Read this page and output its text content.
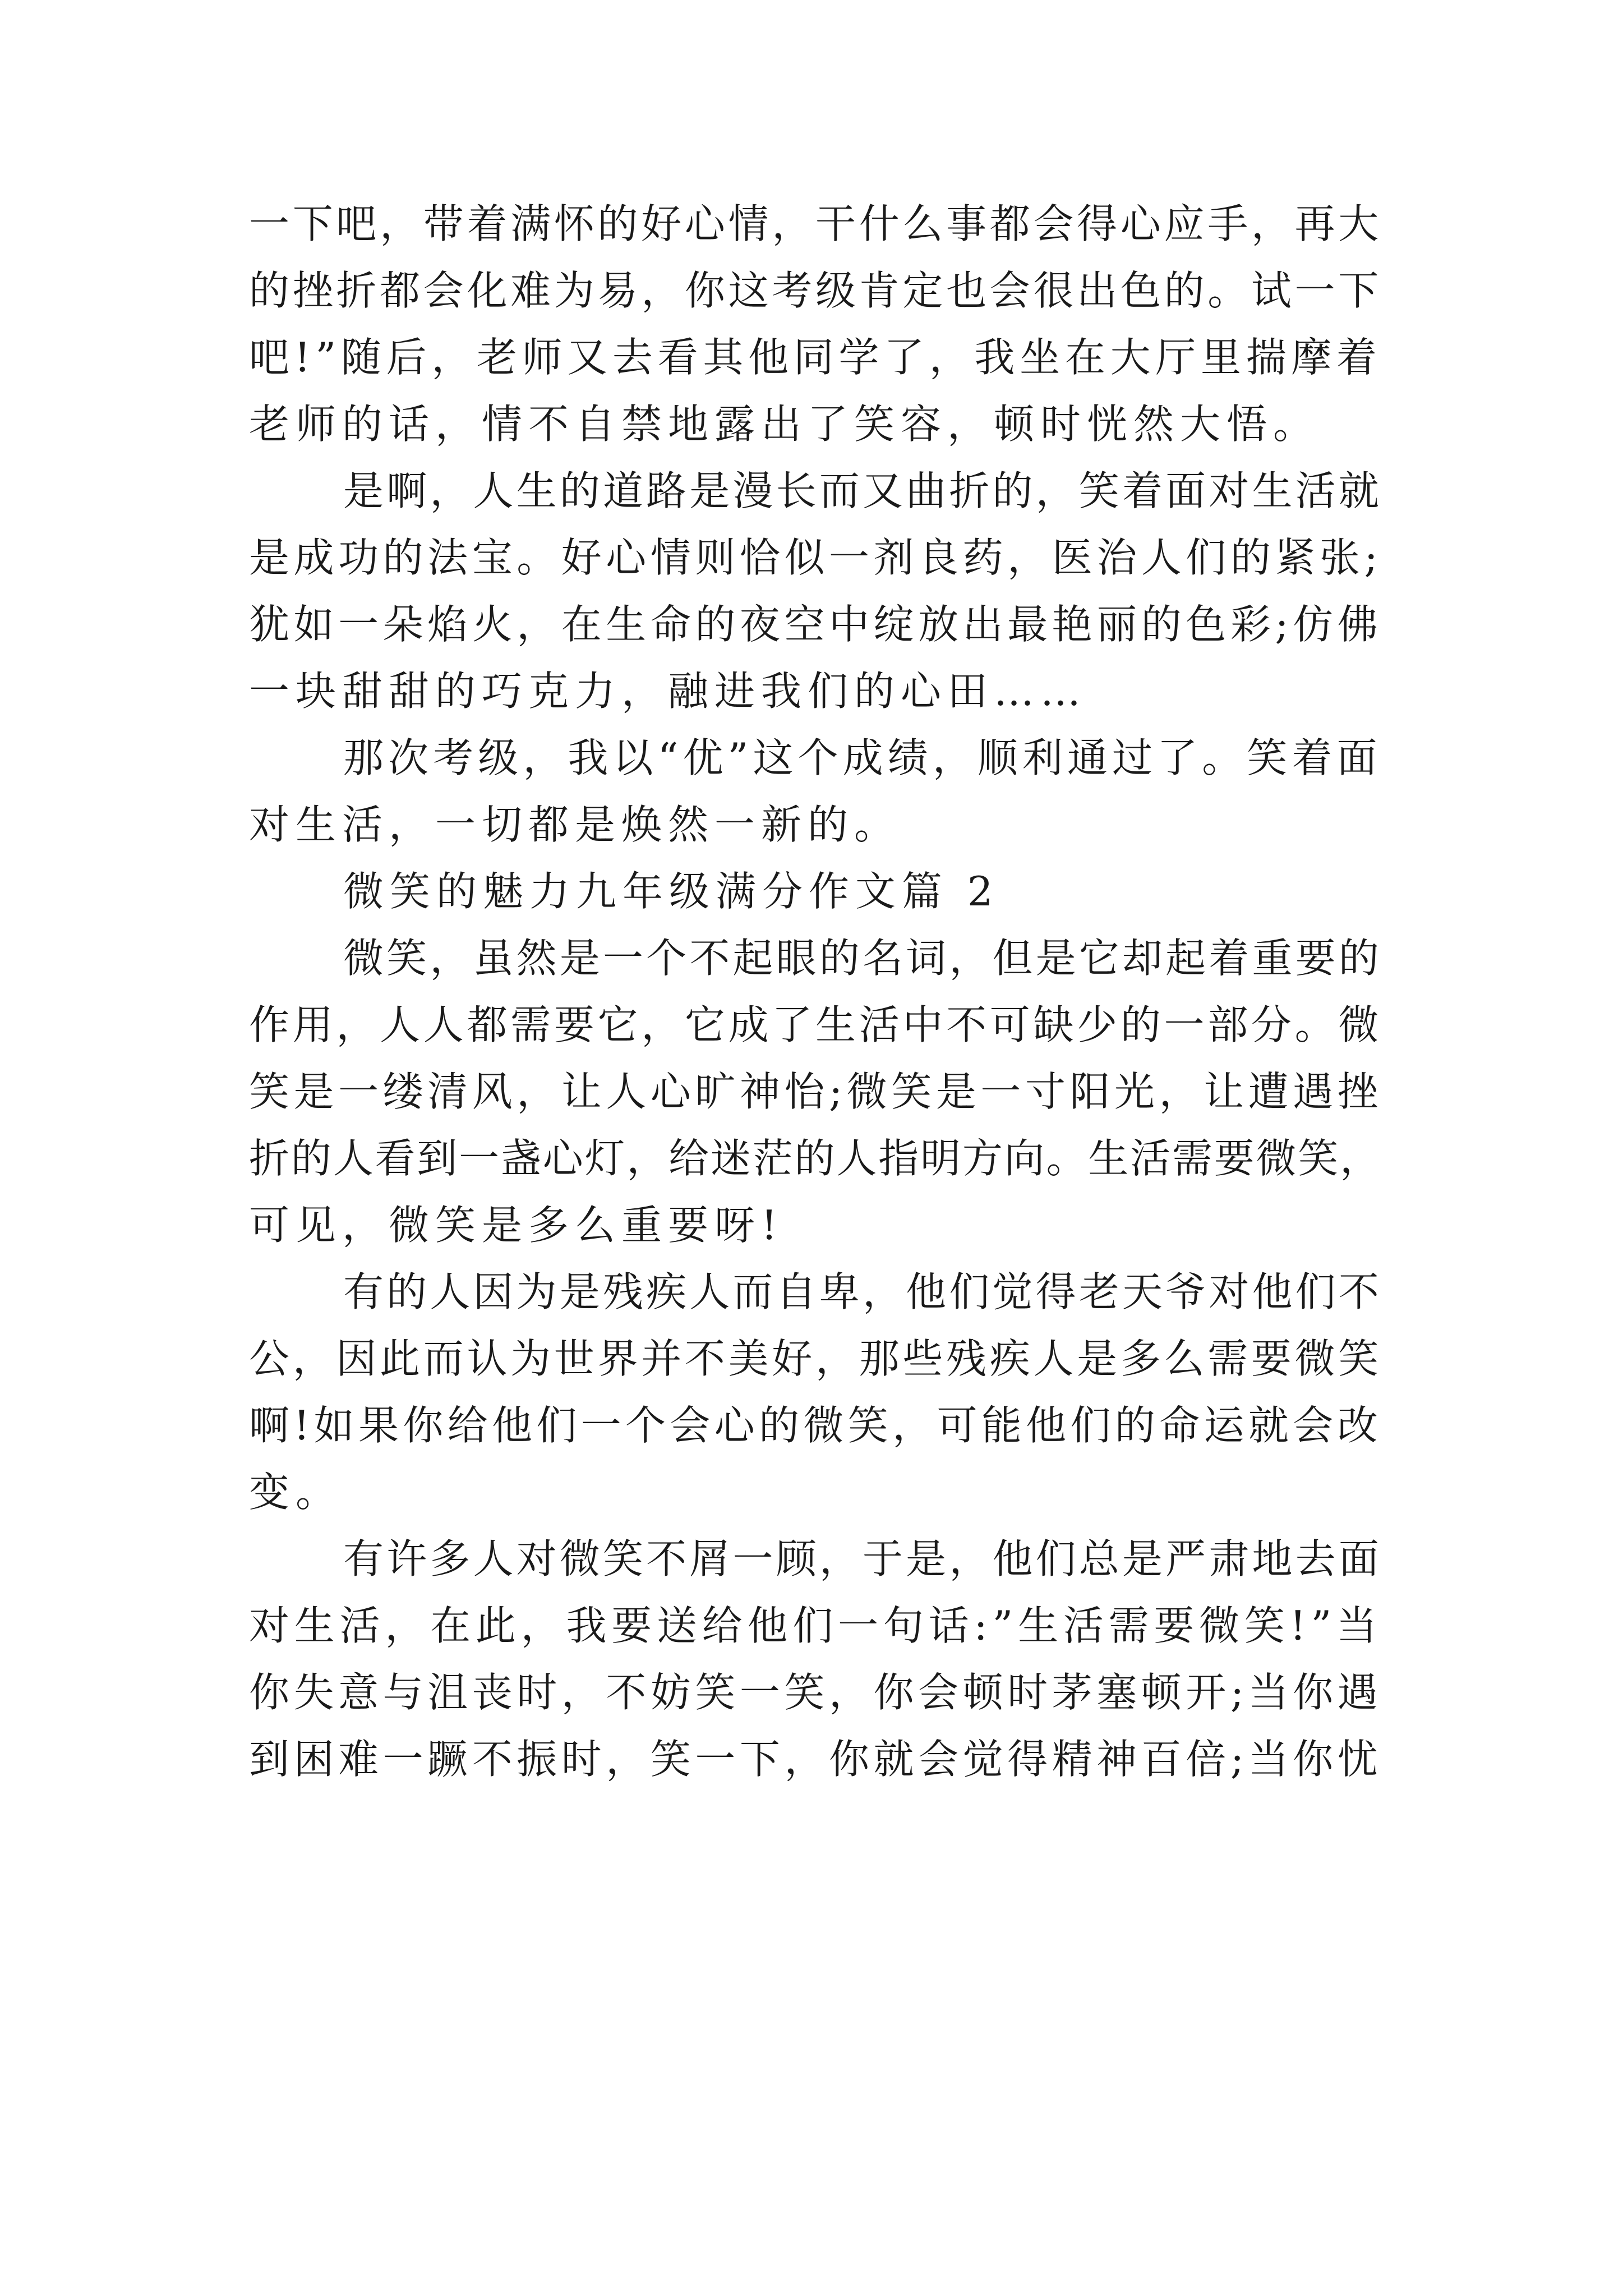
一下吧，带着满怀的好心情，干什么事都会得心应手，再大
的挫折都会化难为易，你这考级肯定也会很出色的。试一下
吧!”随后，老师又去看其他同学了，我坐在大厅里揣摩着
老师的话，情不自禁地露出了笑容，顿时恍然大悟。
是啊，人生的道路是漫长而又曲折的，笑着面对生活就
是成功的法宝。好心情则恰似一剂良药，医治人们的紧张;
犹如一朵焰火，在生命的夜空中绽放出最艳丽的色彩;仿佛
一块甜甜的巧克力，融进我们的心田……
那次考级，我以“优”这个成绩，顺利通过了。笑着面
对生活，一切都是焕然一新的。
微笑的魅力九年级满分作文篇 2
微笑，虽然是一个不起眼的名词，但是它却起着重要的
作用，人人都需要它，它成了生活中不可缺少的一部分。微
笑是一缕清风，让人心旷神怡;微笑是一寸阳光，让遭遇挫
折的人看到一盏心灯，给迷茫的人指明方向。生活需要微笑，
可见，微笑是多么重要呀!
有的人因为是残疾人而自卑，他们觉得老天爷对他们不
公，因此而认为世界并不美好，那些残疾人是多么需要微笑
啊!如果你给他们一个会心的微笑，可能他们的命运就会改
变。
有许多人对微笑不屑一顾，于是，他们总是严肃地去面
对生活，在此，我要送给他们一句话:”生活需要微笑!”当
你失意与沮丧时，不妨笑一笑，你会顿时茅塞顿开;当你遇
到困难一蹶不振时，笑一下，你就会觉得精神百倍;当你忧
